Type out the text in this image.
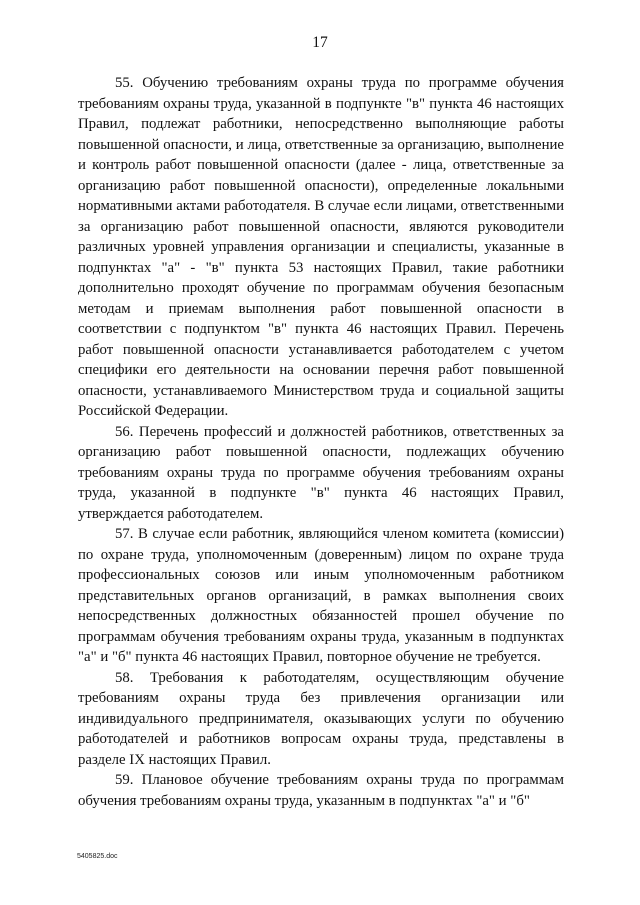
17

55. Обучению требованиям охраны труда по программе обучения требованиям охраны труда, указанной в подпункте "в" пункта 46 настоящих Правил, подлежат работники, непосредственно выполняющие работы повышенной опасности, и лица, ответственные за организацию, выполнение и контроль работ повышенной опасности (далее - лица, ответственные за организацию работ повышенной опасности), определенные локальными нормативными актами работодателя. В случае если лицами, ответственными за организацию работ повышенной опасности, являются руководители различных уровней управления организации и специалисты, указанные в подпунктах "а" - "в" пункта 53 настоящих Правил, такие работники дополнительно проходят обучение по программам обучения безопасным методам и приемам выполнения работ повышенной опасности в соответствии с подпунктом "в" пункта 46 настоящих Правил. Перечень работ повышенной опасности устанавливается работодателем с учетом специфики его деятельности на основании перечня работ повышенной опасности, устанавливаемого Министерством труда и социальной защиты Российской Федерации.

56. Перечень профессий и должностей работников, ответственных за организацию работ повышенной опасности, подлежащих обучению требованиям охраны труда по программе обучения требованиям охраны труда, указанной в подпункте "в" пункта 46 настоящих Правил, утверждается работодателем.

57. В случае если работник, являющийся членом комитета (комиссии) по охране труда, уполномоченным (доверенным) лицом по охране труда профессиональных союзов или иным уполномоченным работником представительных органов организаций, в рамках выполнения своих непосредственных должностных обязанностей прошел обучение по программам обучения требованиям охраны труда, указанным в подпунктах "а" и "б" пункта 46 настоящих Правил, повторное обучение не требуется.

58. Требования к работодателям, осуществляющим обучение требованиям охраны труда без привлечения организации или индивидуального предпринимателя, оказывающих услуги по обучению работодателей и работников вопросам охраны труда, представлены в разделе IX настоящих Правил.

59. Плановое обучение требованиям охраны труда по программам обучения требованиям охраны труда, указанным в подпунктах "а" и "б"

5405825.doc
